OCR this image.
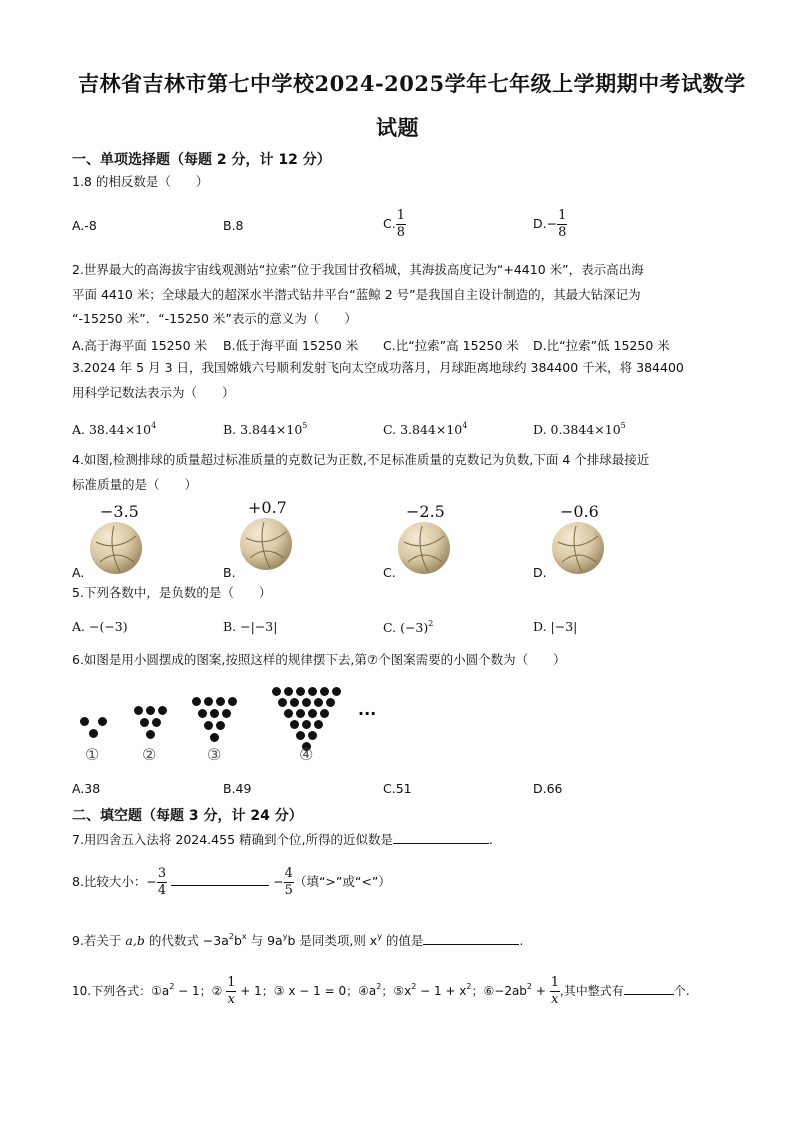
吉林省吉林市第七中学校2024-2025学年七年级上学期期中考试数学
试题
一、单项选择题（每题 2 分，计 12 分）
1.8 的相反数是（　　）
A.-8	B.8	C. $\frac{1}{8}$	$D.- \frac{1}{8}$
2.世界最大的高海拔宇宙线观测站“拉索”位于我国甘孜稻城，其海拔高度记为“+4410 米”，表示高出海
平面 4410 米；全球最大的超深水半潜式钻井平台“蓝鲸 2 号”是我国自主设计制造的，其最大钻深记为
“-15250 米”．“-15250 米”表示的意义为（　　）
A.高于海平面 15250 米 B.低于海平面 15250 米 C.比“拉索”高 15250 米 D.比“拉索”低 15250 米
3.2024 年 5 月 3 日，我国嫦娥六号顺利发射飞向太空成功落月，月球距离地球约 384400 千米，将 384400
用科学记数法表示为（　　）
A. $38.44\times 10^4$	B. $3.844\times 10^5$	C. $3.844\times 10^4$	D. $0.3844\times 10^5$
4.如图,检测排球的质量超过标准质量的克数记为正数,不足标准质量的克数记为负数,下面 4 个排球最接近
标准质量的是（　　）
−3.5
A.
+0.7
B.
−2.5
C.
−0.6
D.
5.下列各数中，是负数的是（　　）
A. −(−3)	B. −|−3|	C. $(-3)^2$	D. |−3|
6.如图是用小圆摆成的图案,按照这样的规律摆下去,第⑦个图案需要的小圆个数为（　　）
···
①	②	③	④
A.38	B.49	C.51	D.66
二、填空题（每题 3 分，计 24 分）
7.用四舍五入法将 2024.455 精确到个位,所得的近似数是	.
8.比较大小：− $\frac{3}{4}$	− $\frac{4}{5}$ （填“>”或“<”）
9.若关于 a,b 的代数式 $-3a^2b^x$ 与 $9a^yb$ 是同类项,则 $x^y$ 的值是	.
10.下列各式：$①a^2 - 1$；② $\frac{1}{x} + 1$；③ x − 1 = 0；$④a^2$；$⑤x^2 - 1 + x^2$；$⑥-2ab^2 + \frac{1}{x}$ ,其中整式有	个.
